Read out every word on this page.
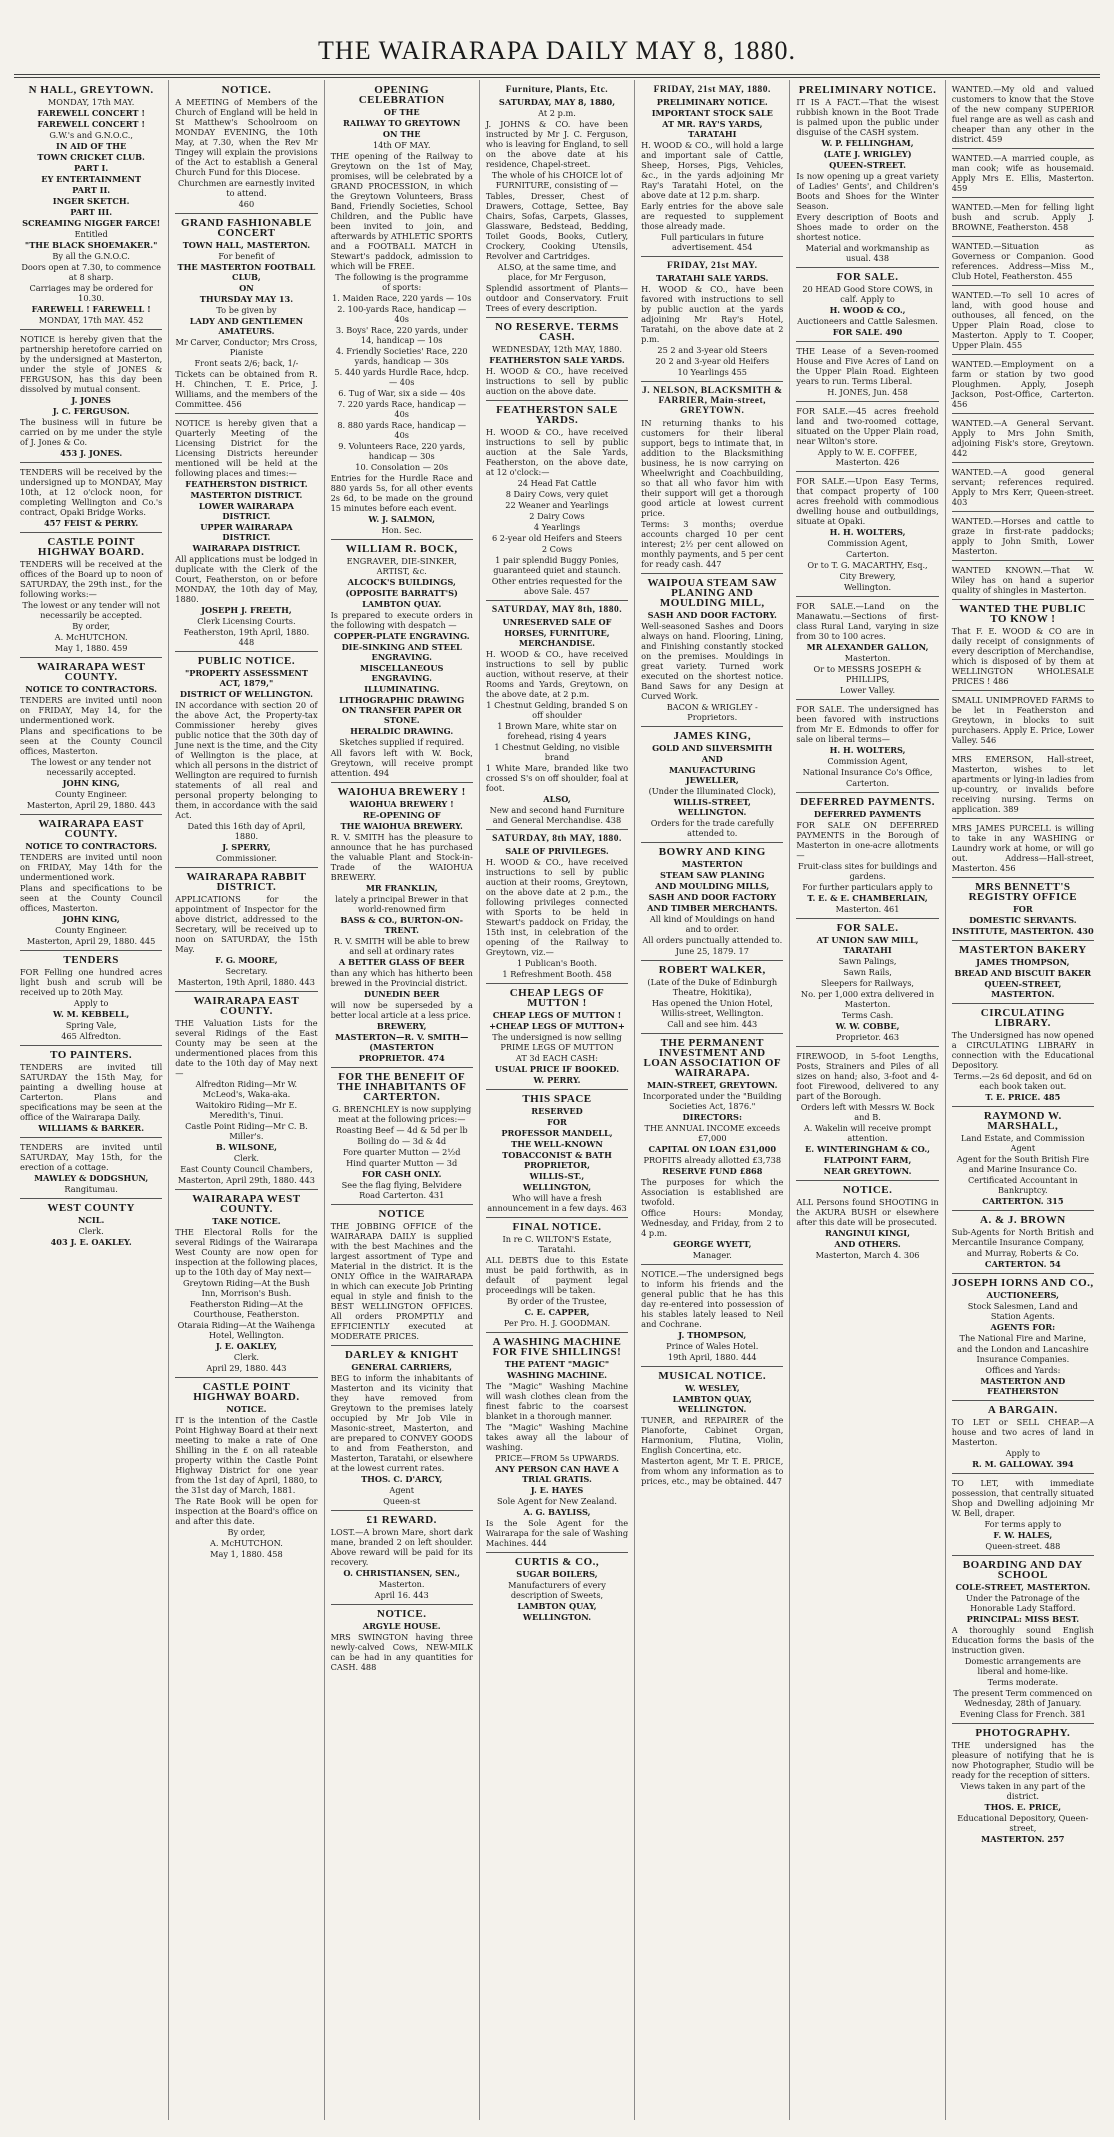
THE WAIRARAPA DAILY MAY 8, 1880.
N HALL, GREYTOWN.
MONDAY, 17th MAY.
FAREWELL CONCERT !
FAREWELL CONCERT !
G.W.'s and G.N.O.C.,
IN AID OF THE
TOWN CRICKET CLUB.
PART I.
EY ENTERTAINMENT
PART II.
INGER SKETCH.
PART III.
SCREAMING NIGGER FARCE!
Entitled
"THE BLACK SHOEMAKER."
By all the G.N.O.C.
Doors open at 7.30, to commence at 8 sharp.
Carriages may be ordered for 10.30.
FAREWELL ! FAREWELL !
MONDAY, 17th MAY. 452
NOTICE is hereby given that the partnership heretofore carried on by the undersigned at Masterton, under the style of JONES & FERGUSON, has this day been dissolved by mutual consent.
J. JONES
J. C. FERGUSON.
The business will in future be carried on by me under the style of J. Jones & Co.
453 J. JONES.
TENDERS will be received by the undersigned up to MONDAY, May 10th, at 12 o'clock noon, for completing Wellington and Co.'s contract, Opaki Bridge Works.
457 FEIST & PERRY.
CASTLE POINT HIGHWAY BOARD.
TENDERS will be received at the offices of the Board up to noon of SATURDAY, the 29th inst., for the following works:—
The lowest or any tender will not necessarily be accepted.
By order,
A. McHUTCHON.
May 1, 1880. 459
WAIRARAPA WEST COUNTY.
NOTICE TO CONTRACTORS.
TENDERS are invited until noon on FRIDAY, May 14, for the undermentioned work.
Plans and specifications to be seen at the County Council offices, Masterton.
The lowest or any tender not necessarily accepted.
JOHN KING,
County Engineer.
Masterton, April 29, 1880. 443
WAIRARAPA EAST COUNTY.
NOTICE TO CONTRACTORS.
TENDERS are invited until noon on FRIDAY, May 14th for the undermentioned work.
Plans and specifications to be seen at the County Council offices, Masterton.
JOHN KING,
County Engineer.
Masterton, April 29, 1880. 445
TENDERS
FOR Felling one hundred acres light bush and scrub will be received up to 20th May.
Apply to
W. M. KEBBELL,
Spring Vale,
465 Alfredton.
TO PAINTERS.
TENDERS are invited till SATURDAY the 15th May, for painting a dwelling house at Carterton. Plans and specifications may be seen at the office of the Wairarapa Daily.
WILLIAMS & BARKER.
TENDERS are invited until SATURDAY, May 15th, for the erection of a cottage.
MAWLEY & DODGSHUN,
Rangitumau.
WEST COUNTY
NCIL.
Clerk.
403 J. E. OAKLEY.
NOTICE.
A MEETING of Members of the Church of England will be held in St Matthew's Schoolroom on MONDAY EVENING, the 10th May, at 7.30, when the Rev Mr Tingey will explain the provisions of the Act to establish a General Church Fund for this Diocese.
Churchmen are earnestly invited to attend.
460
GRAND FASHIONABLE CONCERT
TOWN HALL, MASTERTON.
For benefit of
THE MASTERTON FOOTBALL CLUB,
ON
THURSDAY MAY 13.
To be given by
LADY AND GENTLEMEN AMATEURS.
Mr Carver, Conductor; Mrs Cross, Pianiste
Front seats 2/6; back, 1/-
Tickets can be obtained from R. H. Chinchen, T. E. Price, J. Williams, and the members of the Committee. 456
NOTICE is hereby given that a Quarterly Meeting of the Licensing District for the Licensing Districts hereunder mentioned will be held at the following places and times:—
FEATHERSTON DISTRICT.
MASTERTON DISTRICT.
LOWER WAIRARAPA DISTRICT.
UPPER WAIRARAPA DISTRICT.
WAIRARAPA DISTRICT.
All applications must be lodged in duplicate with the Clerk of the Court, Featherston, on or before MONDAY, the 10th day of May, 1880.
JOSEPH J. FREETH,
Clerk Licensing Courts.
Featherston, 19th April, 1880. 448
PUBLIC NOTICE.
"PROPERTY ASSESSMENT ACT, 1879,"
DISTRICT OF WELLINGTON.
IN accordance with section 20 of the above Act, the Property-tax Commissioner hereby gives public notice that the 30th day of June next is the time, and the City of Wellington is the place, at which all persons in the district of Wellington are required to furnish statements of all real and personal property belonging to them, in accordance with the said Act.
Dated this 16th day of April, 1880.
J. SPERRY,
Commissioner.
WAIRARAPA RABBIT DISTRICT.
APPLICATIONS for the appointment of Inspector for the above district, addressed to the Secretary, will be received up to noon on SATURDAY, the 15th May.
F. G. MOORE,
Secretary.
Masterton, 19th April, 1880. 443
WAIRARAPA EAST COUNTY.
THE Valuation Lists for the several Ridings of the East County may be seen at the undermentioned places from this date to the 10th day of May next—
Alfredton Riding—Mr W. McLeod's, Waka-aka.
Waitokiro Riding—Mr E. Meredith's, Tinui.
Castle Point Riding—Mr C. B. Miller's.
B. WILSONE,
Clerk.
East County Council Chambers,
Masterton, April 29th, 1880. 443
WAIRARAPA WEST COUNTY.
TAKE NOTICE.
THE Electoral Rolls for the several Ridings of the Wairarapa West County are now open for inspection at the following places, up to the 10th day of May next—
Greytown Riding—At the Bush Inn, Morrison's Bush.
Featherston Riding—At the Courthouse, Featherston.
Otaraia Riding—At the Waihenga Hotel, Wellington.
J. E. OAKLEY,
Clerk.
April 29, 1880. 443
CASTLE POINT HIGHWAY BOARD.
NOTICE.
IT is the intention of the Castle Point Highway Board at their next meeting to make a rate of One Shilling in the £ on all rateable property within the Castle Point Highway District for one year from the 1st day of April, 1880, to the 31st day of March, 1881.
The Rate Book will be open for inspection at the Board's office on and after this date.
By order,
A. McHUTCHON.
May 1, 1880. 458
OPENING CELEBRATION
OF THE
RAILWAY TO GREYTOWN
ON THE
14th OF MAY.
THE opening of the Railway to Greytown on the 1st of May, promises, will be celebrated by a GRAND PROCESSION, in which the Greytown Volunteers, Brass Band, Friendly Societies, School Children, and the Public have been invited to join, and afterwards by ATHLETIC SPORTS and a FOOTBALL MATCH in Stewart's paddock, admission to which will be FREE.
The following is the programme of sports:
1. Maiden Race, 220 yards — 10s
2. 100-yards Race, handicap — 40s
3. Boys' Race, 220 yards, under 14, handicap — 10s
4. Friendly Societies' Race, 220 yards, handicap — 30s
5. 440 yards Hurdle Race, hdcp. — 40s
6. Tug of War, six a side — 40s
7. 220 yards Race, handicap — 40s
8. 880 yards Race, handicap — 40s
9. Volunteers Race, 220 yards, handicap — 30s
10. Consolation — 20s
Entries for the Hurdle Race and 880 yards 5s, for all other events 2s 6d, to be made on the ground 15 minutes before each event.
W. J. SALMON,
Hon. Sec.
WILLIAM R. BOCK,
ENGRAVER, DIE-SINKER, ARTIST, &c.
ALCOCK'S BUILDINGS,
(OPPOSITE BARRATT'S)
LAMBTON QUAY.
Is prepared to execute orders in the following with despatch —
COPPER-PLATE ENGRAVING.
DIE-SINKING AND STEEL ENGRAVING.
MISCELLANEOUS ENGRAVING.
ILLUMINATING.
LITHOGRAPHIC DRAWING ON TRANSFER PAPER OR STONE.
HERALDIC DRAWING.
Sketches supplied if required.
All favors left with W. Bock, Greytown, will receive prompt attention. 494
WAIOHUA BREWERY !
WAIOHUA BREWERY !
RE-OPENING OF
THE WAIOHUA BREWERY.
R. V. SMITH has the pleasure to announce that he has purchased the valuable Plant and Stock-in-Trade of the WAIOHUA BREWERY.
MR FRANKLIN,
lately a principal Brewer in that world-renowned firm
BASS & CO., BURTON-ON-TRENT.
R. V. SMITH will be able to brew and sell at ordinary rates
A BETTER GLASS OF BEER
than any which has hitherto been brewed in the Provincial district.
DUNEDIN BEER
will now be superseded by a better local article at a less price.
BREWERY,
MASTERTON—R. V. SMITH—(MASTERTON
PROPRIETOR. 474
FOR THE BENEFIT OF THE INHABITANTS OF CARTERTON.
G. BRENCHLEY is now supplying meat at the following prices:—
Roasting Beef — 4d & 5d per lb
Boiling do — 3d & 4d
Fore quarter Mutton — 2½d
Hind quarter Mutton — 3d
FOR CASH ONLY.
See the flag flying, Belvidere Road Carterton. 431
NOTICE
THE JOBBING OFFICE of the WAIRARAPA DAILY is supplied with the best Machines and the largest assortment of Type and Material in the district. It is the ONLY Office in the WAIRARAPA in which can execute Job Printing equal in style and finish to the BEST WELLINGTON OFFICES. All orders PROMPTLY and EFFICIENTLY executed at MODERATE PRICES.
DARLEY & KNIGHT
GENERAL CARRIERS,
BEG to inform the inhabitants of Masterton and its vicinity that they have removed from Greytown to the premises lately occupied by Mr Job Vile in Masonic-street, Masterton, and are prepared to CONVEY GOODS to and from Featherston, and Masterton, Taratahi, or elsewhere at the lowest current rates.
THOS. C. D'ARCY,
Agent
Queen-st
£1 REWARD.
LOST.—A brown Mare, short dark mane, branded 2 on left shoulder. Above reward will be paid for its recovery.
O. CHRISTIANSEN, SEN.,
Masterton.
April 16. 443
NOTICE.
ARGYLE HOUSE.
MRS SWINGTON having three newly-calved Cows, NEW-MILK can be had in any quantities for CASH. 488
Furniture, Plants, Etc.
SATURDAY, MAY 8, 1880,
At 2 p.m.
J. JOHNS & CO. have been instructed by Mr J. C. Ferguson, who is leaving for England, to sell on the above date at his residence, Chapel-street.
The whole of his CHOICE lot of FURNITURE, consisting of —
Tables, Dresser, Chest of Drawers, Cottage, Settee, Bay Chairs, Sofas, Carpets, Glasses, Glassware, Bedstead, Bedding, Toilet Goods, Books, Cutlery, Crockery, Cooking Utensils, Revolver and Cartridges.
ALSO, at the same time, and place, for Mr Ferguson,
Splendid assortment of Plants—outdoor and Conservatory. Fruit Trees of every description.
NO RESERVE. TERMS CASH.
WEDNESDAY, 12th MAY, 1880.
FEATHERSTON SALE YARDS.
H. WOOD & CO., have received instructions to sell by public auction on the above date.
FEATHERSTON SALE YARDS.
H. WOOD & CO., have received instructions to sell by public auction at the Sale Yards, Featherston, on the above date, at 12 o'clock:—
24 Head Fat Cattle
8 Dairy Cows, very quiet
22 Weaner and Yearlings
2 Dairy Cows
4 Yearlings
6 2-year old Heifers and Steers
2 Cows
1 pair splendid Buggy Ponies, guaranteed quiet and staunch.
Other entries requested for the above Sale. 457
SATURDAY, MAY 8th, 1880.
UNRESERVED SALE OF
HORSES, FURNITURE, MERCHANDISE.
H. WOOD & CO., have received instructions to sell by public auction, without reserve, at their Rooms and Yards, Greytown, on the above date, at 2 p.m.
1 Chestnut Gelding, branded S on off shoulder
1 Brown Mare, white star on forehead, rising 4 years
1 Chestnut Gelding, no visible brand
1 White Mare, branded like two crossed S's on off shoulder, foal at foot.
ALSO,
New and second hand Furniture and General Merchandise. 438
SATURDAY, 8th MAY, 1880.
SALE OF PRIVILEGES.
H. WOOD & CO., have received instructions to sell by public auction at their rooms, Greytown, on the above date at 2 p.m., the following privileges connected with Sports to be held in Stewart's paddock on Friday, the 15th inst, in celebration of the opening of the Railway to Greytown, viz.—
1 Publican's Booth.
1 Refreshment Booth. 458
CHEAP LEGS OF MUTTON !
CHEAP LEGS OF MUTTON !
+CHEAP LEGS OF MUTTON+
The undersigned is now selling PRIME LEGS OF MUTTON
AT 3d EACH CASH:
USUAL PRICE IF BOOKED.
W. PERRY.
THIS SPACE
RESERVED
FOR
PROFESSOR MANDELL,
THE WELL-KNOWN
TOBACCONIST & BATH PROPRIETOR,
WILLIS-ST.,
WELLINGTON,
Who will have a fresh announcement in a few days. 463
FINAL NOTICE.
In re C. WILTON'S Estate, Taratahi.
ALL DEBTS due to this Estate must be paid forthwith, as in default of payment legal proceedings will be taken.
By order of the Trustee,
C. E. CAPPER,
Per Pro. H. J. GOODMAN.
A WASHING MACHINE FOR FIVE SHILLINGS!
THE PATENT "MAGIC"
WASHING MACHINE.
The "Magic" Washing Machine will wash clothes clean from the finest fabric to the coarsest blanket in a thorough manner.
The "Magic" Washing Machine takes away all the labour of washing.
PRICE—FROM 5s UPWARDS.
ANY PERSON CAN HAVE A TRIAL GRATIS.
J. E. HAYES
Sole Agent for New Zealand.
A. G. BAYLISS,
Is the Sole Agent for the Wairarapa for the sale of Washing Machines. 444
CURTIS & CO.,
SUGAR BOILERS,
Manufacturers of every description of Sweets,
LAMBTON QUAY,
WELLINGTON.
FRIDAY, 21st MAY, 1880.
PRELIMINARY NOTICE.
IMPORTANT STOCK SALE
AT MR. RAY'S YARDS, TARATAHI
H. WOOD & CO., will hold a large and important sale of Cattle, Sheep, Horses, Pigs, Vehicles, &c., in the yards adjoining Mr Ray's Taratahi Hotel, on the above date at 12 p.m. sharp.
Early entries for the above sale are requested to supplement those already made.
Full particulars in future advertisement. 454
FRIDAY, 21st MAY.
TARATAHI SALE YARDS.
H. WOOD & CO., have been favored with instructions to sell by public auction at the yards adjoining Mr Ray's Hotel, Taratahi, on the above date at 2 p.m.
25 2 and 3-year old Steers
20 2 and 3-year old Heifers
10 Yearlings 455
J. NELSON, BLACKSMITH & FARRIER, Main-street, GREYTOWN.
IN returning thanks to his customers for their liberal support, begs to intimate that, in addition to the Blacksmithing business, he is now carrying on Wheelwright and Coachbuilding, so that all who favor him with their support will get a thorough good article at lowest current price.
Terms: 3 months; overdue accounts charged 10 per cent interest; 2½ per cent allowed on monthly payments, and 5 per cent for ready cash. 447
WAIPOUA STEAM SAW PLANING AND MOULDING MILL,
SASH AND DOOR FACTORY.
Well-seasoned Sashes and Doors always on hand. Flooring, Lining, and Finishing constantly stocked on the premises. Mouldings in great variety. Turned work executed on the shortest notice. Band Saws for any Design at Curved Work.
BACON & WRIGLEY - Proprietors.
JAMES KING,
GOLD AND SILVERSMITH
AND
MANUFACTURING JEWELLER,
(Under the Illuminated Clock),
WILLIS-STREET, WELLINGTON.
Orders for the trade carefully attended to.
BOWRY AND KING
MASTERTON
STEAM SAW PLANING
AND MOULDING MILLS,
SASH AND DOOR FACTORY
AND TIMBER MERCHANTS.
All kind of Mouldings on hand and to order.
All orders punctually attended to.
June 25, 1879. 17
ROBERT WALKER,
(Late of the Duke of Edinburgh Theatre, Hokitika),
Has opened the Union Hotel, Willis-street, Wellington.
Call and see him. 443
THE PERMANENT INVESTMENT AND LOAN ASSOCIATION OF WAIRARAPA.
MAIN-STREET, GREYTOWN.
Incorporated under the "Building Societies Act, 1876."
DIRECTORS:
THE ANNUAL INCOME exceeds £7,000
CAPITAL ON LOAN £31,000
PROFITS already allotted £3,738
RESERVE FUND £868
The purposes for which the Association is established are twofold.
Office Hours: Monday, Wednesday, and Friday, from 2 to 4 p.m.
GEORGE WYETT,
Manager.
NOTICE.—The undersigned begs to inform his friends and the general public that he has this day re-entered into possession of his stables lately leased to Neil and Cochrane.
J. THOMPSON,
Prince of Wales Hotel.
19th April, 1880. 444
MUSICAL NOTICE.
W. WESLEY,
LAMBTON QUAY, WELLINGTON.
TUNER, and REPAIRER of the Pianoforte, Cabinet Organ, Harmonium, Flutina, Violin, English Concertina, etc.
Masterton agent, Mr T. E. PRICE, from whom any information as to prices, etc., may be obtained. 447
PRELIMINARY NOTICE.
IT IS A FACT.—That the wisest rubbish known in the Boot Trade is palmed upon the public under disguise of the CASH system.
W. P. FELLINGHAM,
(LATE J. WRIGLEY)
QUEEN-STREET.
Is now opening up a great variety of Ladies' Gents', and Children's Boots and Shoes for the Winter Season.
Every description of Boots and Shoes made to order on the shortest notice.
Material and workmanship as usual. 438
FOR SALE.
20 HEAD Good Store COWS, in calf. Apply to
H. WOOD & CO.,
Auctioneers and Cattle Salesmen.
FOR SALE. 490
THE Lease of a Seven-roomed House and Five Acres of Land on the Upper Plain Road. Eighteen years to run. Terms Liberal.
H. JONES, Jun. 458
FOR SALE.—45 acres freehold land and two-roomed cottage, situated on the Upper Plain road, near Wilton's store.
Apply to W. E. COFFEE, Masterton. 426
FOR SALE.—Upon Easy Terms, that compact property of 100 acres freehold with commodious dwelling house and outbuildings, situate at Opaki.
H. H. WOLTERS,
Commission Agent,
Carterton.
Or to T. G. MACARTHY, Esq.,
City Brewery,
Wellington.
FOR SALE.—Land on the Manawatu.—Sections of first-class Rural Land, varying in size from 30 to 100 acres.
MR ALEXANDER GALLON,
Masterton.
Or to MESSRS JOSEPH & PHILLIPS,
Lower Valley.
FOR SALE. The undersigned has been favored with instructions from Mr E. Edmonds to offer for sale on liberal terms—
H. H. WOLTERS,
Commission Agent,
National Insurance Co's Office,
Carterton.
DEFERRED PAYMENTS.
DEFERRED PAYMENTS
FOR SALE ON DEFERRED PAYMENTS in the Borough of Masterton in one-acre allotments—
Fruit-class sites for buildings and gardens.
For further particulars apply to
T. E. & E. CHAMBERLAIN,
Masterton. 461
FOR SALE.
AT UNION SAW MILL, TARATAHI
Sawn Palings,
Sawn Rails,
Sleepers for Railways,
No. per 1,000 extra delivered in Masterton.
Terms Cash.
W. W. COBBE,
Proprietor. 463
FIREWOOD, in 5-foot Lengths, Posts, Strainers and Piles of all sizes on hand; also, 3-foot and 4-foot Firewood, delivered to any part of the Borough.
Orders left with Messrs W. Bock and B.
A. Wakelin will receive prompt attention.
E. WINTERINGHAM & CO.,
FLATPOINT FARM,
NEAR GREYTOWN.
NOTICE.
ALL Persons found SHOOTING in the AKURA BUSH or elsewhere after this date will be prosecuted.
RANGINUI KINGI,
AND OTHERS.
Masterton, March 4. 306
WANTED.—My old and valued customers to know that the Stove of the new company SUPERIOR fuel range are as well as cash and cheaper than any other in the district. 459
WANTED.—A married couple, as man cook; wife as housemaid. Apply Mrs E. Ellis, Masterton. 459
WANTED.—Men for felling light bush and scrub. Apply J. BROWNE, Featherston. 458
WANTED.—Situation as Governess or Companion. Good references. Address—Miss M., Club Hotel, Featherston. 455
WANTED.—To sell 10 acres of land, with good house and outhouses, all fenced, on the Upper Plain Road, close to Masterton. Apply to T. Cooper, Upper Plain. 455
WANTED.—Employment on a farm or station by two good Ploughmen. Apply, Joseph Jackson, Post-Office, Carterton. 456
WANTED.—A General Servant. Apply to Mrs John Smith, adjoining Fisk's store, Greytown. 442
WANTED.—A good general servant; references required. Apply to Mrs Kerr, Queen-street. 403
WANTED.—Horses and cattle to graze in first-rate paddocks; apply to John Smith, Lower Masterton.
WANTED KNOWN.—That W. Wiley has on hand a superior quality of shingles in Masterton.
WANTED THE PUBLIC TO KNOW !
That F. E. WOOD & CO are in daily receipt of consignments of every description of Merchandise, which is disposed of by them at WELLINGTON WHOLESALE PRICES ! 486
SMALL UNIMPROVED FARMS to be let in Featherston and Greytown, in blocks to suit purchasers. Apply E. Price, Lower Valley. 546
MRS EMERSON, Hall-street, Masterton, wishes to let apartments or lying-in ladies from up-country, or invalids before receiving nursing. Terms on application. 389
MRS JAMES PURCELL is willing to take in any WASHING or Laundry work at home, or will go out. Address—Hall-street, Masterton. 456
MRS BENNETT'S REGISTRY OFFICE
FOR
DOMESTIC SERVANTS.
INSTITUTE, MASTERTON. 430
MASTERTON BAKERY
JAMES THOMPSON,
BREAD AND BISCUIT BAKER
QUEEN-STREET, MASTERTON.
CIRCULATING LIBRARY.
The Undersigned has now opened a CIRCULATING LIBRARY in connection with the Educational Depository.
Terms.—2s 6d deposit, and 6d on each book taken out.
T. E. PRICE. 485
RAYMOND W. MARSHALL,
Land Estate, and Commission Agent
Agent for the South British Fire and Marine Insurance Co.
Certificated Accountant in Bankruptcy.
CARTERTON. 315
A. & J. BROWN
Sub-Agents for North British and Mercantile Insurance Company,
and Murray, Roberts & Co.
CARTERTON. 54
JOSEPH IORNS AND CO.,
AUCTIONEERS,
Stock Salesmen, Land and Station Agents.
AGENTS FOR:
The National Fire and Marine,
and the London and Lancashire Insurance Companies.
Offices and Yards:
MASTERTON AND FEATHERSTON
A BARGAIN.
TO LET or SELL CHEAP.—A house and two acres of land in Masterton.
Apply to
R. M. GALLOWAY. 394
TO LET, with immediate possession, that centrally situated Shop and Dwelling adjoining Mr W. Bell, draper.
For terms apply to
F. W. HALES,
Queen-street. 488
BOARDING AND DAY SCHOOL
COLE-STREET, MASTERTON.
Under the Patronage of the Honorable Lady Stafford.
PRINCIPAL: MISS BEST.
A thoroughly sound English Education forms the basis of the instruction given.
Domestic arrangements are liberal and home-like.
Terms moderate.
The present Term commenced on Wednesday, 28th of January.
Evening Class for French. 381
PHOTOGRAPHY.
THE undersigned has the pleasure of notifying that he is now Photographer, Studio will be ready for the reception of sitters.
Views taken in any part of the district.
THOS. E. PRICE,
Educational Depository, Queen-street,
MASTERTON. 257
